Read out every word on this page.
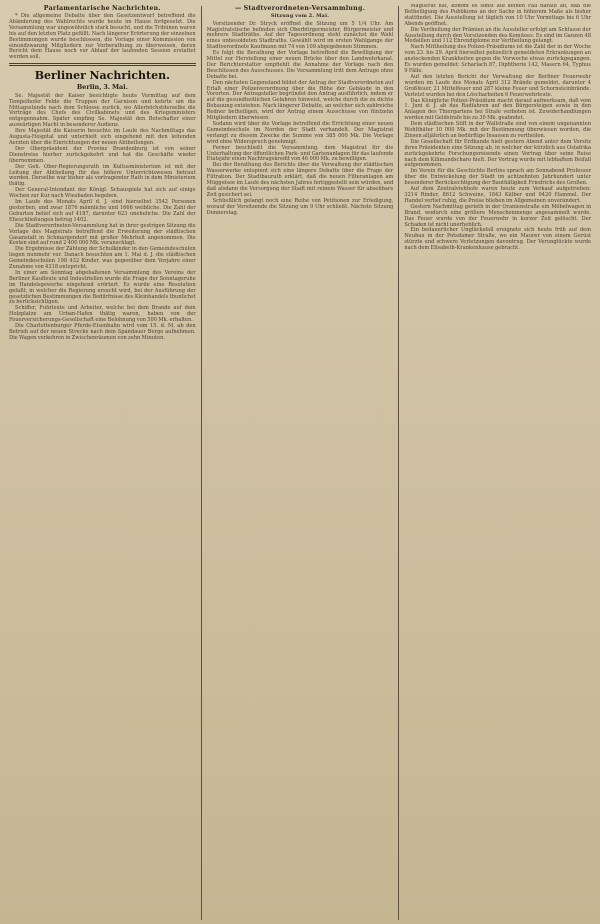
Parlamentarische Nachrichten.

* Die allgemeine Debatte über den Gesetzentwurf betreffend die Abänderung des Wahlrechts wurde heute im Hause fortgesetzt. Die Versammlung war ungewöhnlich stark besucht, und die Tribünen waren bis auf den letzten Platz gefüllt. Nach längerer Erörterung der einzelnen Bestimmungen wurde beschlossen, die Vorlage einer Kommission von einundzwanzig Mitgliedern zur Vorberathung zu überweisen, deren Bericht dem Hause noch vor Ablauf der laufenden Session erstattet werden soll.

Berliner Nachrichten.
Berlin, 3. Mai.

Se. Majestät der Kaiser besichtigte heute Vormittag auf dem Tempelhofer Felde die Truppen der Garnison und kehrte um die Mittagsstunde nach dem Schlosse zurück, wo Allerhöchstderselbe die Vorträge des Chefs des Civilkabinets und des Kriegsministers entgegennahm. Später empfing Se. Majestät den Botschafter einer auswärtigen Macht in besonderer Audienz.

Ihre Majestät die Kaiserin besuchte im Laufe des Nachmittags das Augusta-Hospital und unterhielt sich eingehend mit den leitenden Aerzten über die Einrichtungen der neuen Abtheilungen.

Der Oberpräsident der Provinz Brandenburg ist von seiner Dienstreise hierher zurückgekehrt und hat die Geschäfte wieder übernommen.

Der Geh. Ober-Regierungsrath im Kultusministerium ist mit der Leitung der Abtheilung für das höhere Unterrichtswesen betraut worden. Derselbe war bisher als vortragender Rath in dem Ministerium thätig.

Der General-Intendant der Königl. Schauspiele hat sich auf einige Wochen zur Kur nach Wiesbaden begeben.

Im Laufe des Monats April d. J. sind hierselbst 3542 Personen gestorben, und zwar 1876 männliche und 1666 weibliche. Die Zahl der Geburten belief sich auf 4187, darunter 623 uneheliche. Die Zahl der Eheschließungen betrug 1402.

Die Stadtverordneten-Versammlung hat in ihrer gestrigen Sitzung die Vorlage des Magistrats betreffend die Erweiterung der städtischen Gasanstalt in Schmargendorf mit großer Mehrheit angenommen. Die Kosten sind auf rund 2 400 000 Mk. veranschlagt.

Die Ergebnisse der Zählung der Schulkinder in den Gemeindeschulen liegen nunmehr vor. Danach besuchten am 1. Mai d. J. die städtischen Gemeindeschulen 198 432 Kinder, was gegenüber dem Vorjahre einer Zunahme von 4318 entspricht.

In einer am Sonntag abgehaltenen Versammlung des Vereins der Berliner Kaufleute und Industriellen wurde die Frage der Sonntagsruhe im Handelsgewerbe eingehend erörtert. Es wurde eine Resolution gefaßt, in welcher die Regierung ersucht wird, bei der Ausführung der gesetzlichen Bestimmungen die Bedürfnisse des Kleinhandels thunlichst zu berücksichtigen.

Schiffer, Fuhrleute und Arbeiter, welche bei dem Brande auf dem Holzplatze am Urban-Hafen thätig waren, haben von der Feuerversicherungs-Gesellschaft eine Belohnung von 500 Mk. erhalten.

Die Charlottenburger Pferde-Eisenbahn wird vom 15. d. M. ab den Betrieb auf der neuen Strecke nach dem Spandauer Berge aufnehmen. Die Wagen verkehren in Zwischenräumen von zehn Minuten.

— Stadtverordneten-Versammlung.
Sitzung vom 2. Mai.

Vorsitzender Dr. Stryck eröffnet die Sitzung um 5 1/4 Uhr. Am Magistratstische befinden sich Oberbürgermeister, Bürgermeister und mehrere Stadträthe. Auf der Tagesordnung steht zunächst die Wahl eines unbesoldeten Stadtraths. Gewählt wird im ersten Wahlgange der Stadtverordnete Kaufmann mit 74 von 109 abgegebenen Stimmen.

Es folgt die Berathung der Vorlage betreffend die Bewilligung der Mittel zur Herstellung einer neuen Brücke über den Landwehrkanal. Der Berichterstatter empfiehlt die Annahme der Vorlage nach den Beschlüssen des Ausschusses. Die Versammlung tritt dem Antrage ohne Debatte bei.

Den nächsten Gegenstand bildet der Antrag der Stadtverordneten auf Erlaß einer Polizeiverordnung über die Höhe der Gebäude in den Vororten. Der Antragsteller begründet den Antrag ausführlich, indem er auf die gesundheitlichen Gefahren hinweist, welche durch die zu dichte Bebauung entstehen. Nach längerer Debatte, an welcher sich zahlreiche Redner betheiligen, wird der Antrag einem Ausschusse von fünfzehn Mitgliedern überwiesen.

Sodann wird über die Vorlage betreffend die Errichtung einer neuen Gemeindeschule im Norden der Stadt verhandelt. Der Magistrat verlangt zu diesem Zwecke die Summe von 385 000 Mk. Die Vorlage wird ohne Widerspruch genehmigt.

Ferner beschließt die Versammlung, dem Magistrat für die Unterhaltung der öffentlichen Park- und Gartenanlagen für das laufende Etatsjahr einen Nachtragskredit von 46 000 Mk. zu bewilligen.

Bei der Berathung des Berichts über die Verwaltung der städtischen Wasserwerke entspinnt sich eine längere Debatte über die Frage der Filtration. Der Stadtbaurath erklärt, daß die neuen Filteranlagen am Müggelsee im Laufe des nächsten Jahres fertiggestellt sein würden, und daß alsdann die Versorgung der Stadt mit reinem Wasser für absehbare Zeit gesichert sei.

Schließlich gelangt noch eine Reihe von Petitionen zur Erledigung, worauf der Vorsitzende die Sitzung um 9 Uhr schließt. Nächste Sitzung Donnerstag.

Magistrat hat, kommt es sonst auf keinen Fall darauf an, daß die Betheiligung des Publikums an der Sache in höherem Maße als bisher stattfindet. Die Ausstellung ist täglich von 10 Uhr Vormittags bis 6 Uhr Abends geöffnet.

Die Vertheilung der Prämien an die Aussteller erfolgt am Schlusse der Ausstellung durch den Vorsitzenden des Komitees. Es sind im Ganzen 48 Medaillen und 112 Ehrendiplome zur Vertheilung gelangt.

Nach Mittheilung des Polizei-Präsidiums ist die Zahl der in der Woche vom 23. bis 29. April hierselbst polizeilich gemeldeten Erkrankungen an ansteckenden Krankheiten gegen die Vorwoche etwas zurückgegangen. Es wurden gemeldet: Scharlach 87, Diphtherie 142, Masern 64, Typhus 9 Fälle.

Auf den letzten Bericht der Verwaltung der Berliner Feuerwehr wurden im Laufe des Monats April 312 Brände gemeldet, darunter 4 Großfeuer, 21 Mittelfeuer und 287 kleine Feuer und Schornsteinbrände. Verletzt wurden bei den Löscharbeiten 6 Feuerwehrleute.

Das Königliche Polizei-Präsidium macht darauf aufmerksam, daß vom 1. Juni d. J. ab das Radfahren auf den Bürgersteigen sowie in den Anlagen des Thiergartens bei Strafe verboten ist. Zuwiderhandlungen werden mit Geldstrafe bis zu 30 Mk. geahndet.

Dem städtischen Stift in der Wallstraße sind von einem ungenannten Wohlthäter 10 000 Mk. mit der Bestimmung überwiesen worden, die Zinsen alljährlich an bedürftige Insassen zu vertheilen.

Die Gesellschaft für Erdkunde hielt gestern Abend unter dem Vorsitz ihres Präsidenten eine Sitzung ab, in welcher der kürzlich aus Ostafrika zurückgekehrte Forschungsreisende einen Vortrag über seine Reise nach dem Kilimandscharo hielt. Der Vortrag wurde mit lebhaftem Beifall aufgenommen.

Im Verein für die Geschichte Berlins sprach am Sonnabend Professor über die Entwickelung der Stadt im achtzehnten Jahrhundert unter besonderer Berücksichtigung der Bauthätigkeit Friedrichs des Großen.

Auf dem Zentralviehhofe waren heute zum Verkauf aufgetrieben: 3214 Rinder, 8612 Schweine, 1843 Kälber und 9420 Hammel. Der Handel verlief ruhig, die Preise blieben im Allgemeinen unverändert.

Gestern Nachmittag gerieth in der Oranienstraße ein Möbelwagen in Brand, wodurch eine größere Menschenmenge angesammelt wurde. Das Feuer wurde von der Feuerwehr in kurzer Zeit gelöscht. Der Schaden ist nicht unerheblich.

Ein bedauerlicher Unglücksfall ereignete sich heute früh auf dem Neubau in der Potsdamer Straße, wo ein Maurer von einem Gerüst stürzte und schwere Verletzungen davontrug. Der Verunglückte wurde nach dem Elisabeth-Krankenhause gebracht.
